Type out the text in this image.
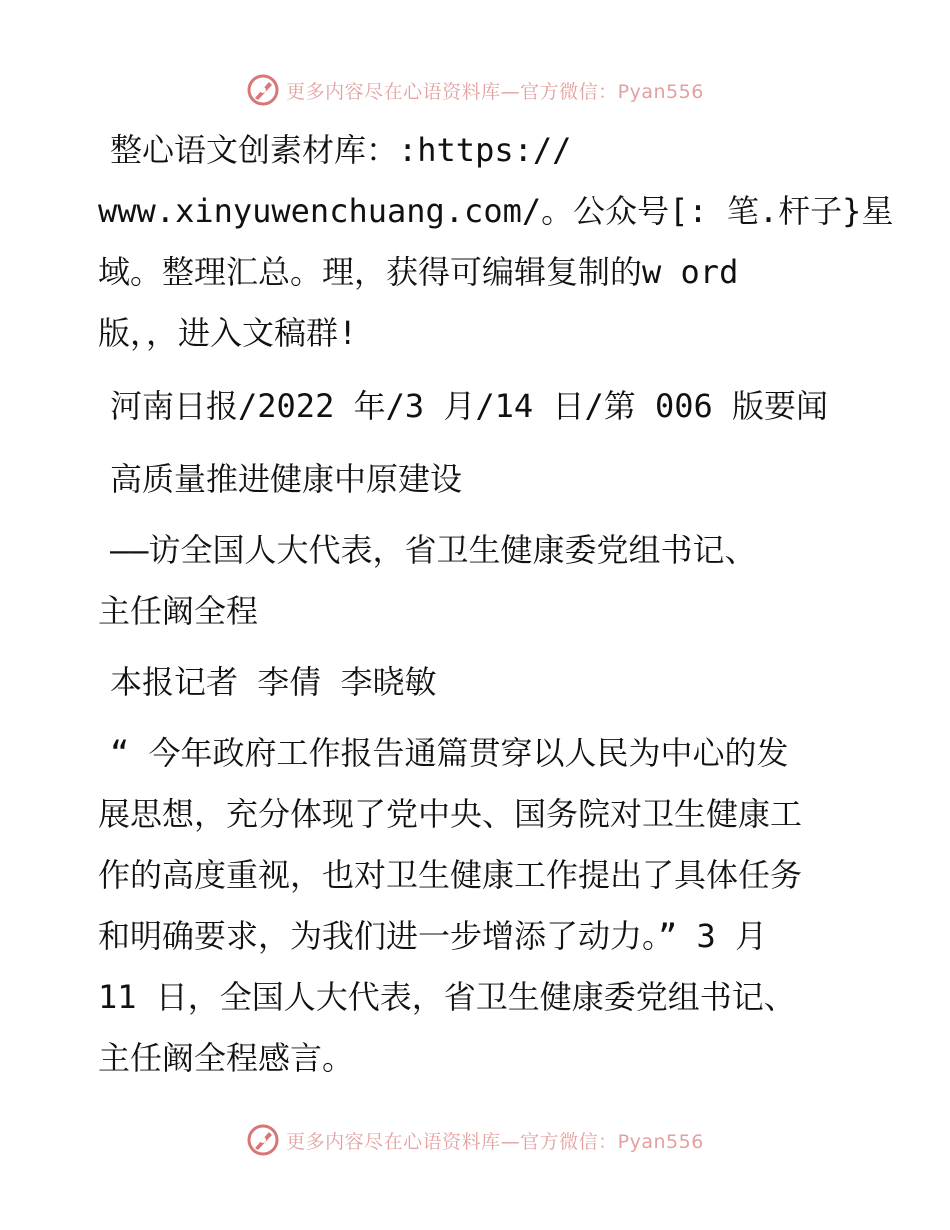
更多内容尽在心语资料库—官方微信：Pyan556

整心语文创素材库：:https://

www.xinyuwenchuang.com/。公众号[: 笔.杆子}星

域。整理汇总。理，获得可编辑复制的w ord

版，，进入文稿群!

河南日报/2022 年/3 月/14 日/第 006 版要闻

高质量推进健康中原建设

——访全国人大代表，省卫生健康委党组书记、

主任阚全程

本报记者 李倩 李晓敏

“ 今年政府工作报告通篇贯穿以人民为中心的发

展思想，充分体现了党中央、国务院对卫生健康工

作的高度重视，也对卫生健康工作提出了具体任务

和明确要求，为我们进一步增添了动力。” 3 月

11 日，全国人大代表，省卫生健康委党组书记、

主任阚全程感言。

更多内容尽在心语资料库—官方微信：Pyan556
